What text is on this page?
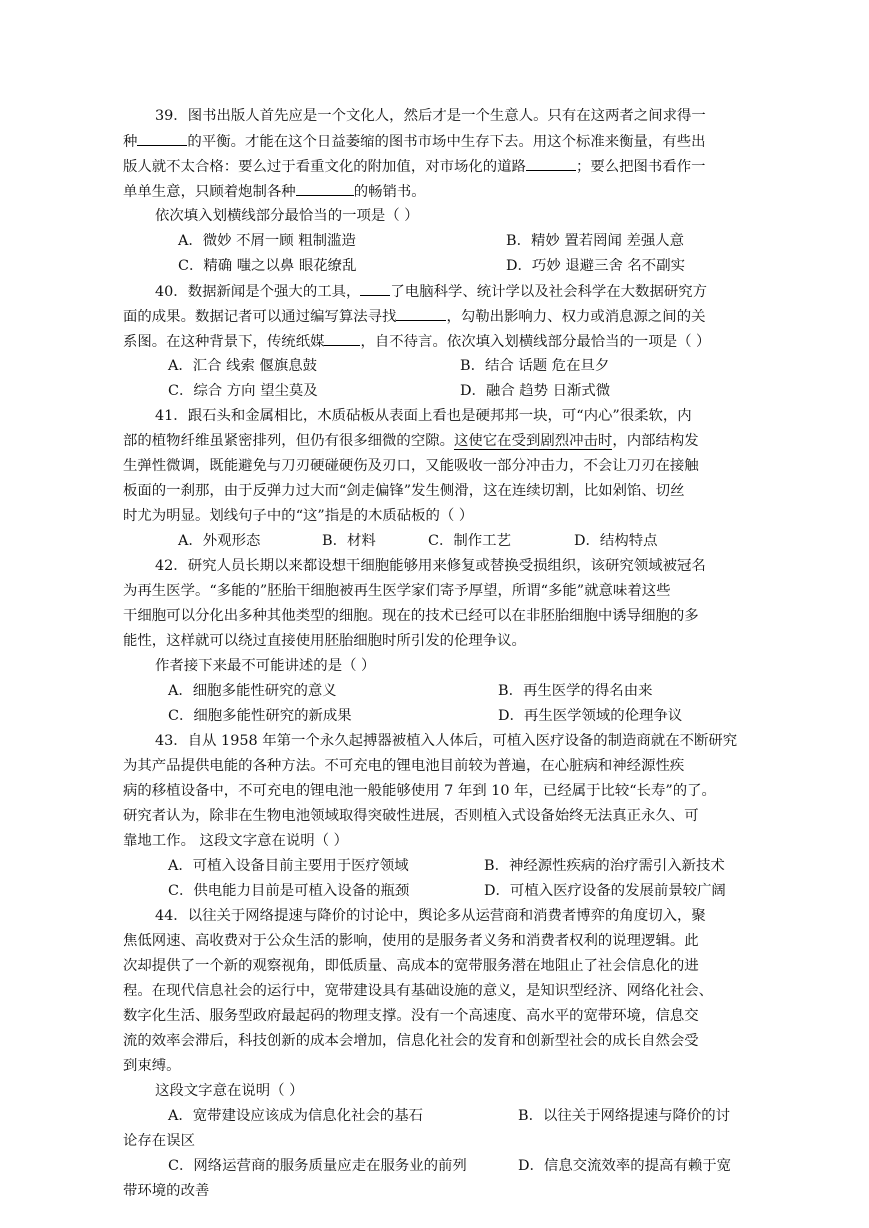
39．图书出版人首先应是一个文化人，然后才是一个生意人。只有在这两者之间求得一
种	的平衡。才能在这个日益萎缩的图书市场中生存下去。用这个标准来衡量，有些出
版人就不太合格：要么过于看重文化的附加值，对市场化的道路	；要么把图书看作一
单单生意，只顾着炮制各种	的畅销书。
依次填入划横线部分最恰当的一项是（ ）
A．微妙 不屑一顾 粗制滥造	B．精妙 置若罔闻 差强人意
C．精确 嗤之以鼻 眼花缭乱	D．巧妙 退避三舍 名不副实
40．数据新闻是个强大的工具， 了电脑科学、统计学以及社会科学在大数据研究方
面的成果。数据记者可以通过编写算法寻找	，勾勒出影响力、权力或消息源之间的关
系图。在这种背景下，传统纸媒	，自不待言。依次填入划横线部分最恰当的一项是（ ）
A．汇合 线索 偃旗息鼓	B．结合 话题 危在旦夕
C．综合 方向 望尘莫及	D．融合 趋势 日渐式微
41．跟石头和金属相比，木质砧板从表面上看也是硬邦邦一块，可“内心”很柔软，内
部的植物纤维虽紧密排列，但仍有很多细微的空隙。这使它在受到剧烈冲击时，内部结构发
生弹性微调，既能避免与刀刃硬碰硬伤及刃口，又能吸收一部分冲击力，不会让刀刃在接触
板面的一刹那，由于反弹力过大而“剑走偏锋”发生侧滑，这在连续切割，比如剁馅、切丝
时尤为明显。划线句子中的“这”指是的木质砧板的（ ）
A．外观形态	B．材料	C．制作工艺	D．结构特点
42．研究人员长期以来都设想干细胞能够用来修复或替换受损组织，该研究领域被冠名
为再生医学。“多能的”胚胎干细胞被再生医学家们寄予厚望，所谓“多能”就意味着这些
干细胞可以分化出多种其他类型的细胞。现在的技术已经可以在非胚胎细胞中诱导细胞的多
能性，这样就可以绕过直接使用胚胎细胞时所引发的伦理争议。
作者接下来最不可能讲述的是（ ）
A．细胞多能性研究的意义	B．再生医学的得名由来
C．细胞多能性研究的新成果	D．再生医学领域的伦理争议
43．自从 1958 年第一个永久起搏器被植入人体后，可植入医疗设备的制造商就在不断研究
为其产品提供电能的各种方法。不可充电的锂电池目前较为普遍，在心脏病和神经源性疾
病的移植设备中，不可充电的锂电池一般能够使用 7 年到 10 年，已经属于比较“长寿”的了。
研究者认为，除非在生物电池领域取得突破性进展，否则植入式设备始终无法真正永久、可
靠地工作。 这段文字意在说明（ ）
A．可植入设备目前主要用于医疗领域	B．神经源性疾病的治疗需引入新技术
C．供电能力目前是可植入设备的瓶颈	D．可植入医疗设备的发展前景较广阔
44．以往关于网络提速与降价的讨论中，舆论多从运营商和消费者博弈的角度切入，聚
焦低网速、高收费对于公众生活的影响，使用的是服务者义务和消费者权利的说理逻辑。此
次却提供了一个新的观察视角，即低质量、高成本的宽带服务潜在地阻止了社会信息化的进
程。在现代信息社会的运行中，宽带建设具有基础设施的意义，是知识型经济、网络化社会、
数字化生活、服务型政府最起码的物理支撑。没有一个高速度、高水平的宽带环境，信息交
流的效率会滞后，科技创新的成本会增加，信息化社会的发育和创新型社会的成长自然会受
到束缚。
这段文字意在说明（ ）
A．宽带建设应该成为信息化社会的基石	B．以往关于网络提速与降价的讨
论存在误区
C．网络运营商的服务质量应走在服务业的前列	D．信息交流效率的提高有赖于宽
带环境的改善
